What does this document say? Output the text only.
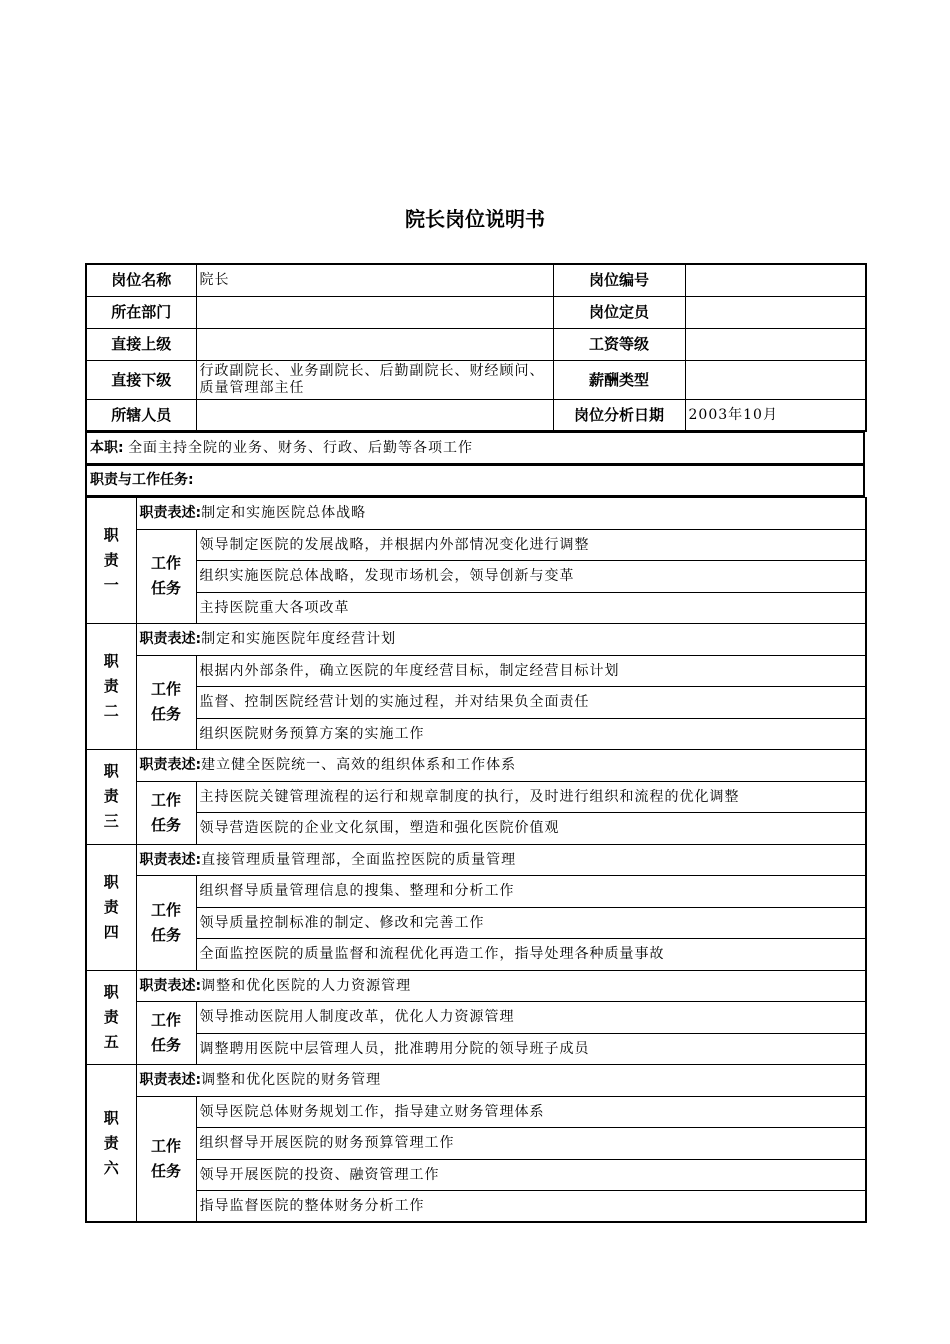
院长岗位说明书
岗位名称	院长	岗位编号	
所在部门		岗位定员	
直接上级		工资等级	
直接下级	行政副院长、业务副院长、后勤副院长、财经顾问、质量管理部主任	薪酬类型	
所辖人员		岗位分析日期	2003年10月
本职: 全面主持全院的业务、财务、行政、后勤等各项工作
职责与工作任务:
职
责
一	职责表述:制定和实施医院总体战略	

	工作
任务	领导制定医院的发展战略，并根据内外部情况变化进行调整
		组织实施医院总体战略，发现市场机会，领导创新与变革
		主持医院重大各项改革

职
责
二	职责表述:制定和实施医院年度经营计划	

	工作
任务	根据内外部条件，确立医院的年度经营目标，制定经营目标计划
		监督、控制医院经营计划的实施过程，并对结果负全面责任
		组织医院财务预算方案的实施工作

职
责
三	职责表述:建立健全医院统一、高效的组织体系和工作体系	

	工作
任务	主持医院关键管理流程的运行和规章制度的执行，及时进行组织和流程的优化调整
		领导营造医院的企业文化氛围，塑造和强化医院价值观

职
责
四	职责表述:直接管理质量管理部，全面监控医院的质量管理	

	工作
任务	组织督导质量管理信息的搜集、整理和分析工作
		领导质量控制标准的制定、修改和完善工作
		全面监控医院的质量监督和流程优化再造工作，指导处理各种质量事故

职
责
五	职责表述:调整和优化医院的人力资源管理	

	工作
任务	领导推动医院用人制度改革，优化人力资源管理
		调整聘用医院中层管理人员，批准聘用分院的领导班子成员

职
责
六	职责表述:调整和优化医院的财务管理	

	工作
任务	领导医院总体财务规划工作，指导建立财务管理体系
		组织督导开展医院的财务预算管理工作
		领导开展医院的投资、融资管理工作
		指导监督医院的整体财务分析工作
